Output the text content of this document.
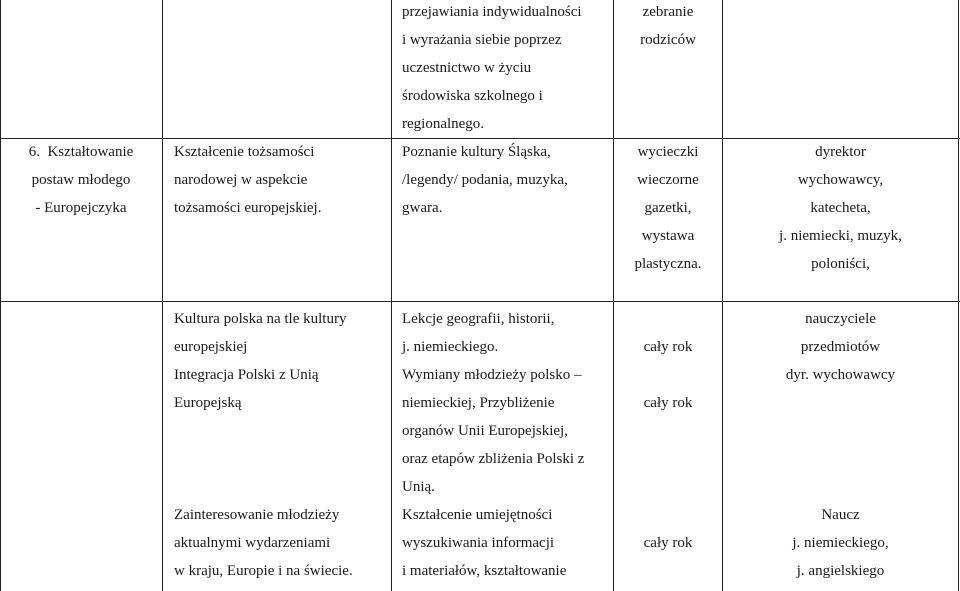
przejawiania indywidualności
i wyrażania siebie poprzez
uczestnictwo w życiu
środowiska szkolnego i
regionalnego.
zebranie
rodziców
6. Kształtowanie
postaw młodego
- Europejczyka
Kształcenie tożsamości
narodowej w aspekcie
tożsamości europejskiej.
Poznanie kultury Śląska,
/legendy/ podania, muzyka,
gwara.
wycieczki
wieczorne
gazetki,
wystawa
plastyczna.
dyrektor
wychowawcy,
katecheta,
j. niemiecki, muzyk,
poloniści,
Kultura polska na tle kultury
europejskiej
Lekcje geografii, historii,
j. niemieckiego.	cały rok
nauczyciele
przedmiotów
Integracja Polski z Unią
Europejską
Wymiany młodzieży polsko –
niemieckiej, Przybliżenie
organów Unii Europejskiej,
oraz etapów zbliżenia Polski z
Unią.
cały rok
dyr. wychowawcy
Zainteresowanie młodzieży
aktualnymi wydarzeniami
w kraju, Europie i na świecie.
Kształcenie umiejętności
wyszukiwania informacji
i materiałów, kształtowanie
cały rok
Naucz
j. niemieckiego,
j. angielskiego
